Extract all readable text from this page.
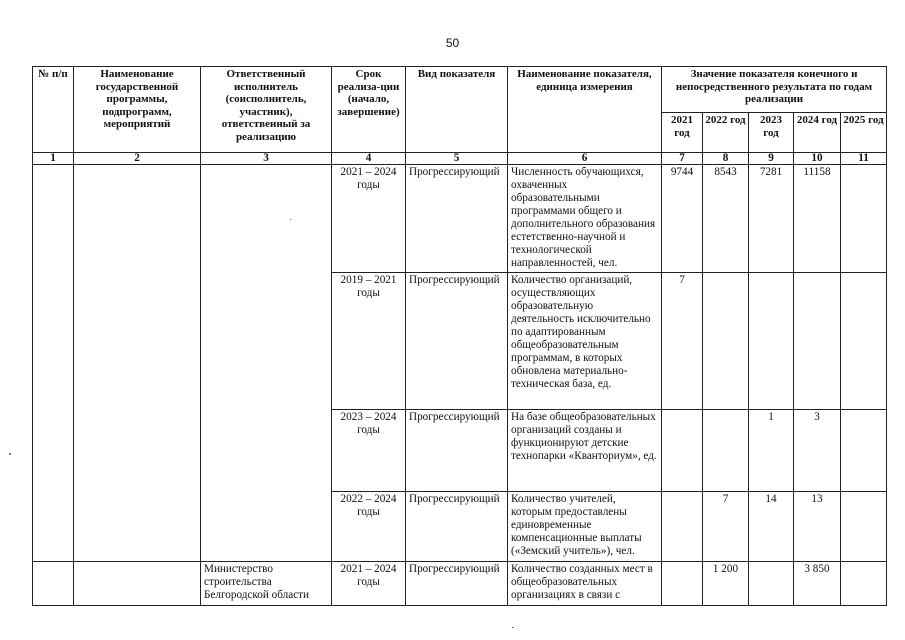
50
№ п/п	Наименование государственной программы, подпрограмм, мероприятий	Ответственный исполнитель (соисполнитель, участник), ответственный за реализацию	Срок реализа-ции (начало, завершение)	Вид показателя	Наименование показателя, единица измерения	Значение показателя конечного и непосредственного результата по годам реализации				
						2021 год	2022 год	2023 год	2024 год	2025 год
1	2	3	4	5	6	7	8	9	10	11
			2021 – 2024 годы	Прогрессирующий	Численность обучающихся, охваченных образовательными программами общего и дополнительного образования естетственно-научной и технологической направленностей, чел.	9744	8543	7281	11158	
			2019 – 2021 годы	Прогрессирующий	Количество организаций, осуществляющих образовательную деятельность исключительно по адаптированным общеобразовательным программам, в которых обновлена материально-техническая база, ед.	7				
			2023 – 2024 годы	Прогрессирующий	На базе общеобразовательных организаций созданы и функционируют детские технопарки «Кванториум», ед.			1	3	
			2022 – 2024 годы	Прогрессирующий	Количество учителей, которым предоставлены единовременные компенсационные выплаты («Земский учитель»), чел.		7	14	13	
		Министерство строительства Белгородской области	2021 – 2024 годы	Прогрессирующий	Количество созданных мест в общеобразовательных организациях в связи с		1 200		3 850	
